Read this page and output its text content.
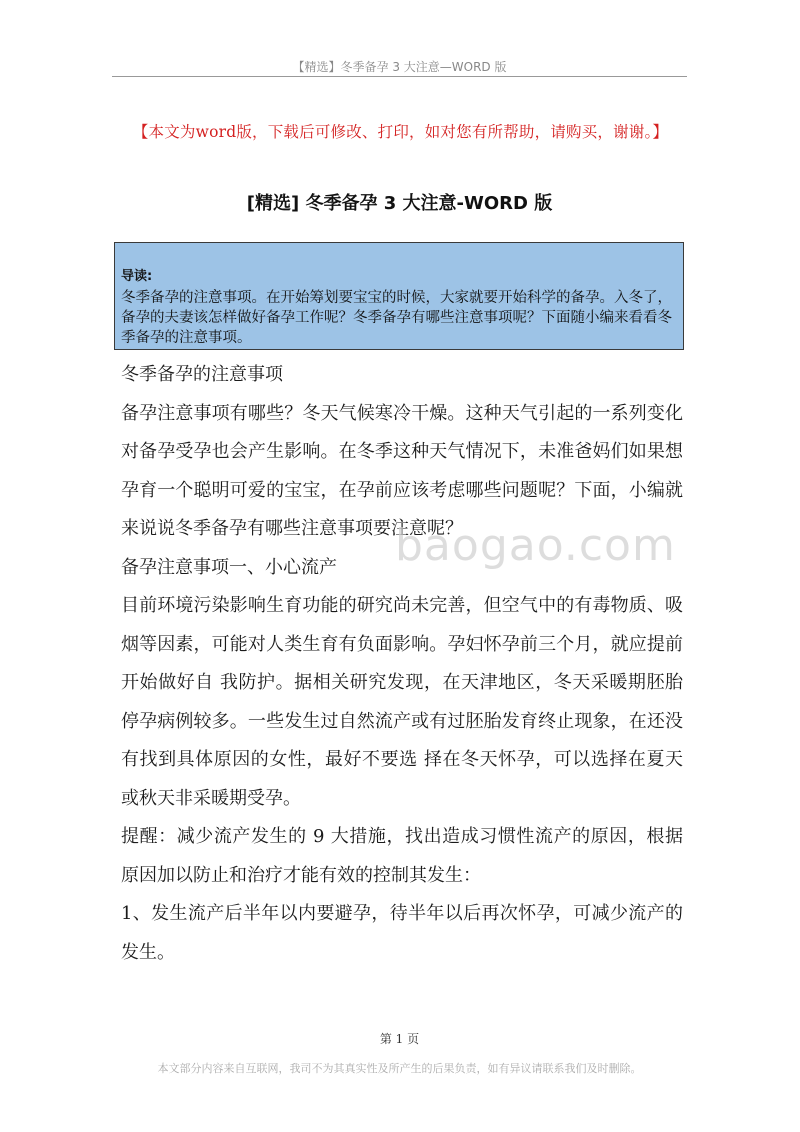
【精选】冬季备孕 3 大注意—WORD 版
【本文为word版，下载后可修改、打印，如对您有所帮助，请购买，谢谢。】
[精选] 冬季备孕 3 大注意-WORD 版
导读:
冬季备孕的注意事项。在开始筹划要宝宝的时候，大家就要开始科学的备孕。入冬了，备孕的夫妻该怎样做好备孕工作呢？冬季备孕有哪些注意事项呢？下面随小编来看看冬季备孕的注意事项。

冬季备孕的注意事项

备孕注意事项有哪些？冬天气候寒冷干燥。这种天气引起的一系列变化对备孕受孕也会产生影响。在冬季这种天气情况下，未准爸妈们如果想孕育一个聪明可爱的宝宝，在孕前应该考虑哪些问题呢？下面，小编就来说说冬季备孕有哪些注意事项要注意呢？

备孕注意事项一、小心流产

目前环境污染影响生育功能的研究尚未完善，但空气中的有毒物质、吸烟等因素，可能对人类生育有负面影响。孕妇怀孕前三个月，就应提前开始做好自 我防护。据相关研究发现，在天津地区，冬天采暖期胚胎停孕病例较多。一些发生过自然流产或有过胚胎发育终止现象，在还没有找到具体原因的女性，最好不要选 择在冬天怀孕，可以选择在夏天或秋天非采暖期受孕。

提醒：减少流产发生的 9 大措施，找出造成习惯性流产的原因，根据原因加以防止和治疗才能有效的控制其发生：

1、发生流产后半年以内要避孕，待半年以后再次怀孕，可减少流产的发生。

baogao.com
第 1 页
本文部分内容来自互联网，我司不为其真实性及所产生的后果负责，如有异议请联系我们及时删除。
